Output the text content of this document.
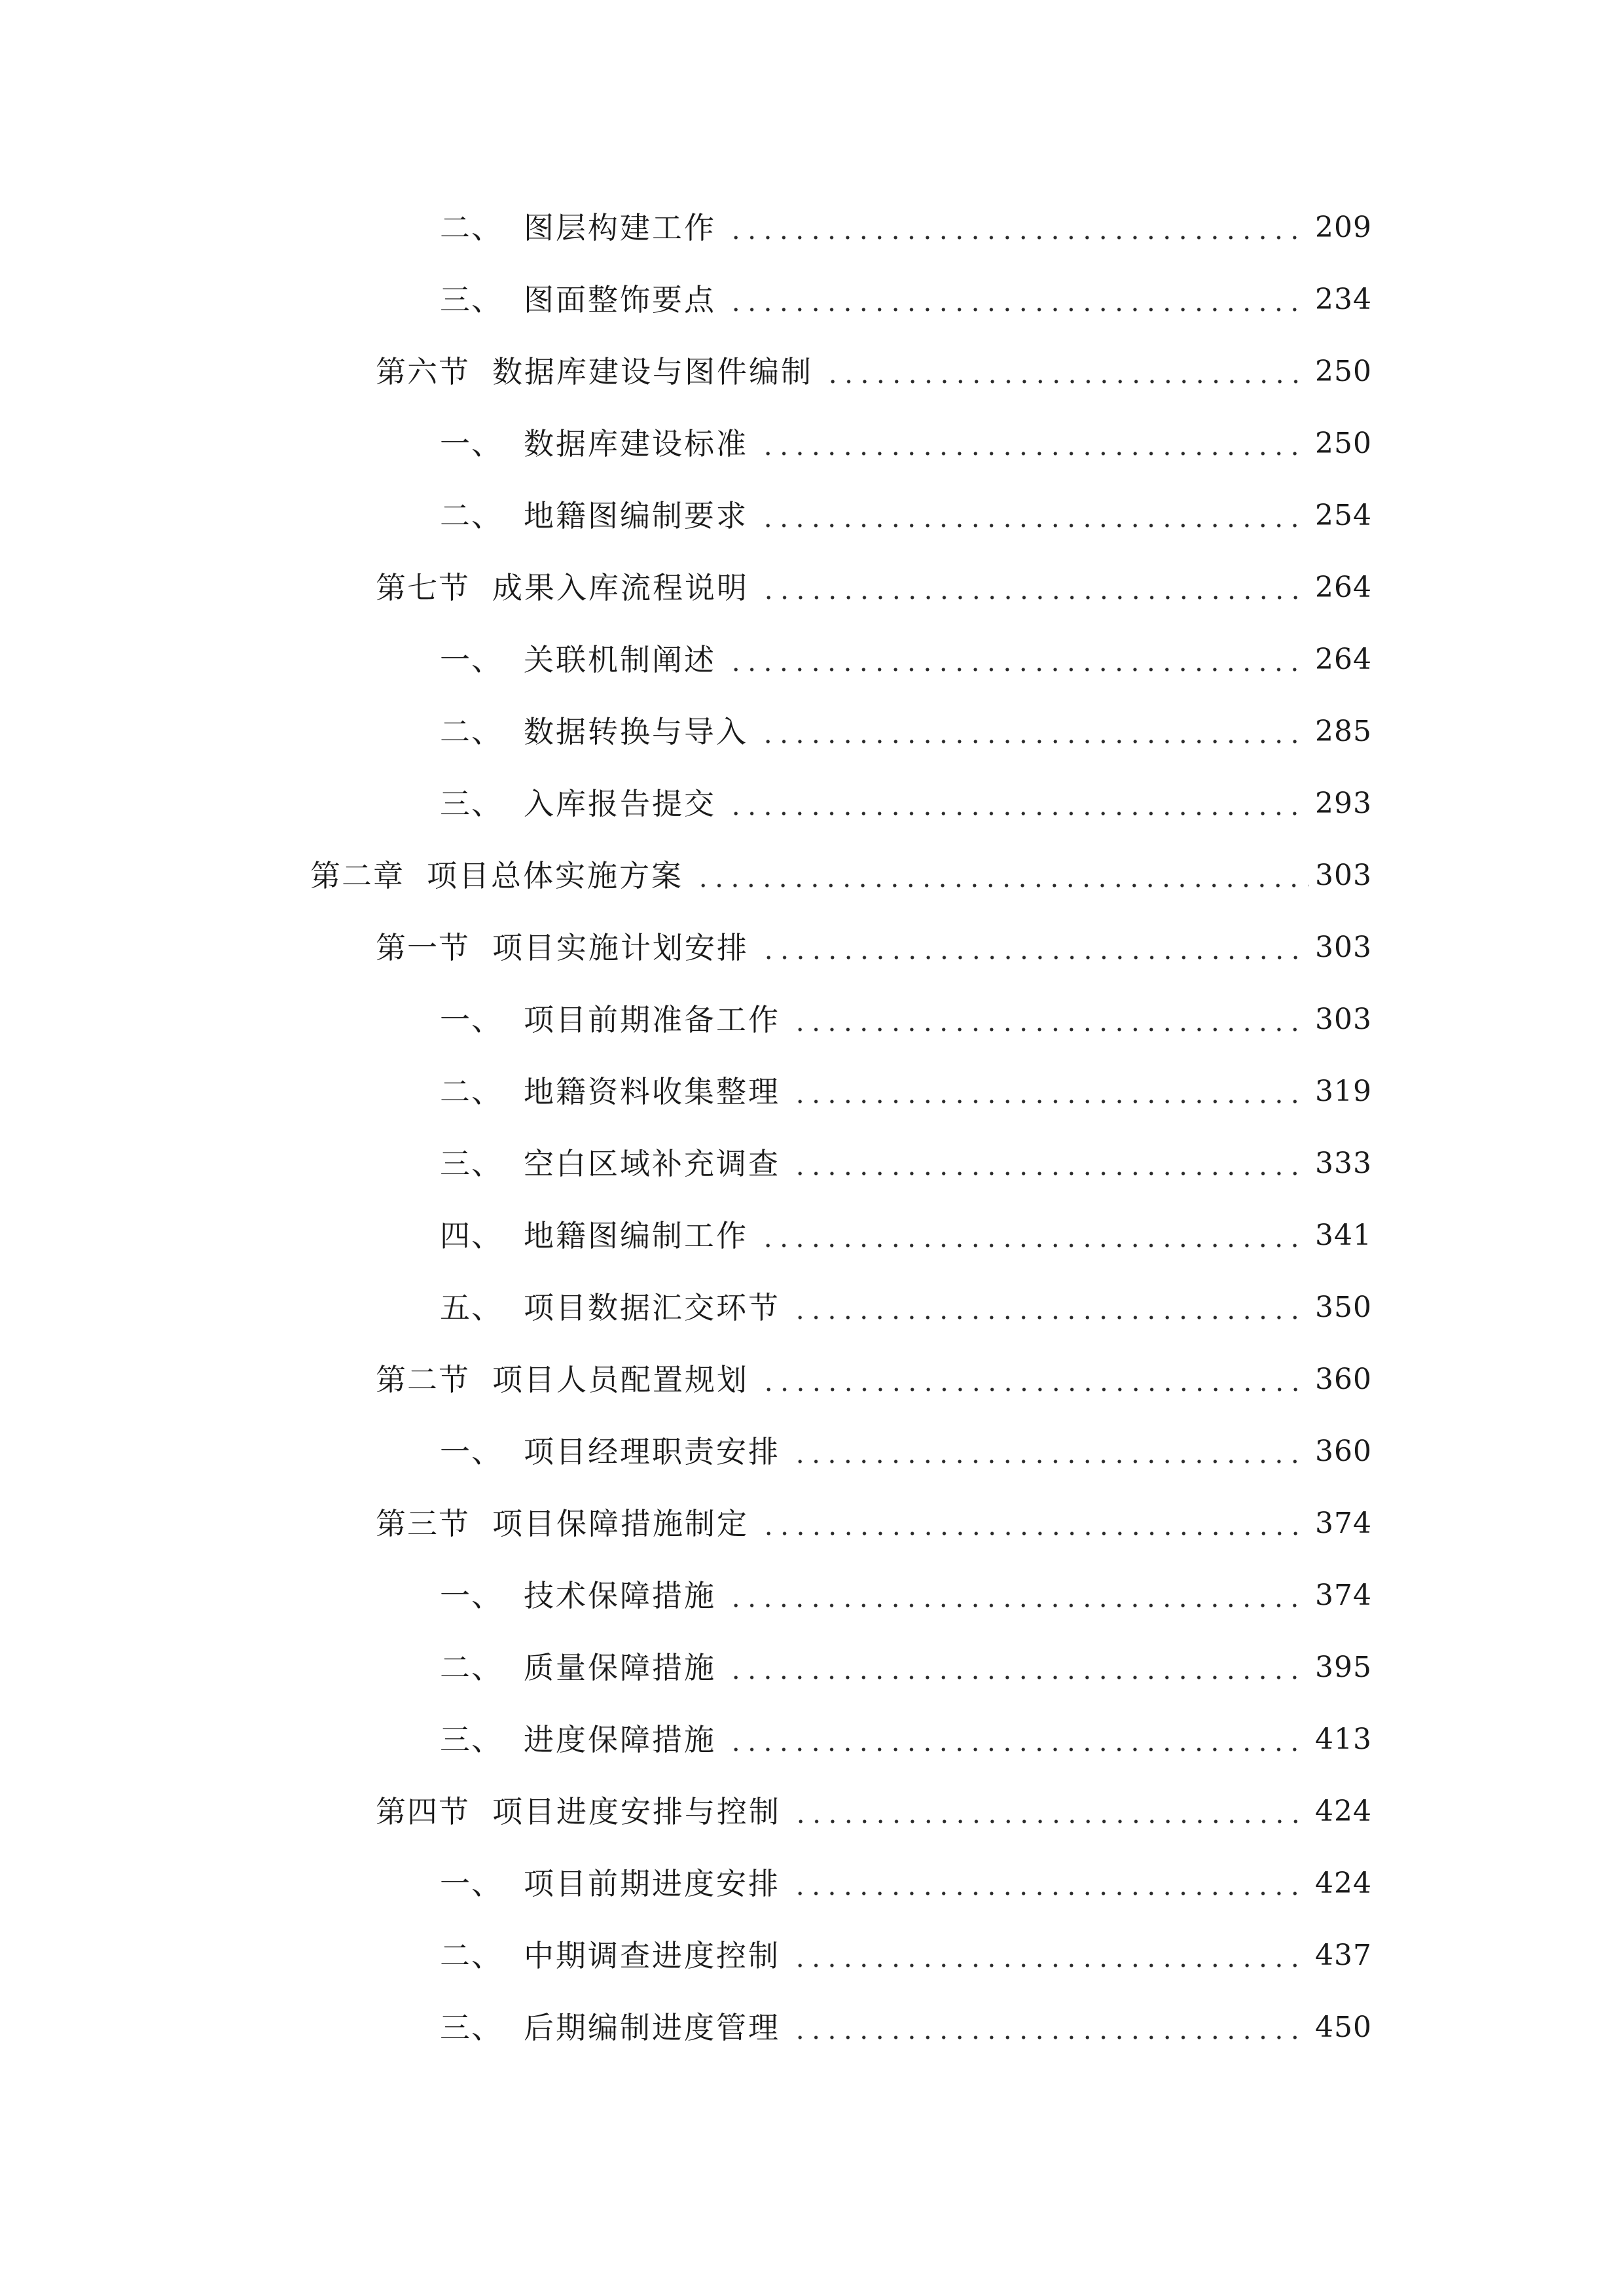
二、 图层构建工作	209
三、 图面整饰要点	234
第六节 数据库建设与图件编制	250
一、 数据库建设标准	250
二、 地籍图编制要求	254
第七节 成果入库流程说明	264
一、 关联机制阐述	264
二、 数据转换与导入	285
三、 入库报告提交	293
第二章 项目总体实施方案	303
第一节 项目实施计划安排	303
一、 项目前期准备工作	303
二、 地籍资料收集整理	319
三、 空白区域补充调查	333
四、 地籍图编制工作	341
五、 项目数据汇交环节	350
第二节 项目人员配置规划	360
一、 项目经理职责安排	360
第三节 项目保障措施制定	374
一、 技术保障措施	374
二、 质量保障措施	395
三、 进度保障措施	413
第四节 项目进度安排与控制	424
一、 项目前期进度安排	424
二、 中期调查进度控制	437
三、 后期编制进度管理	450
